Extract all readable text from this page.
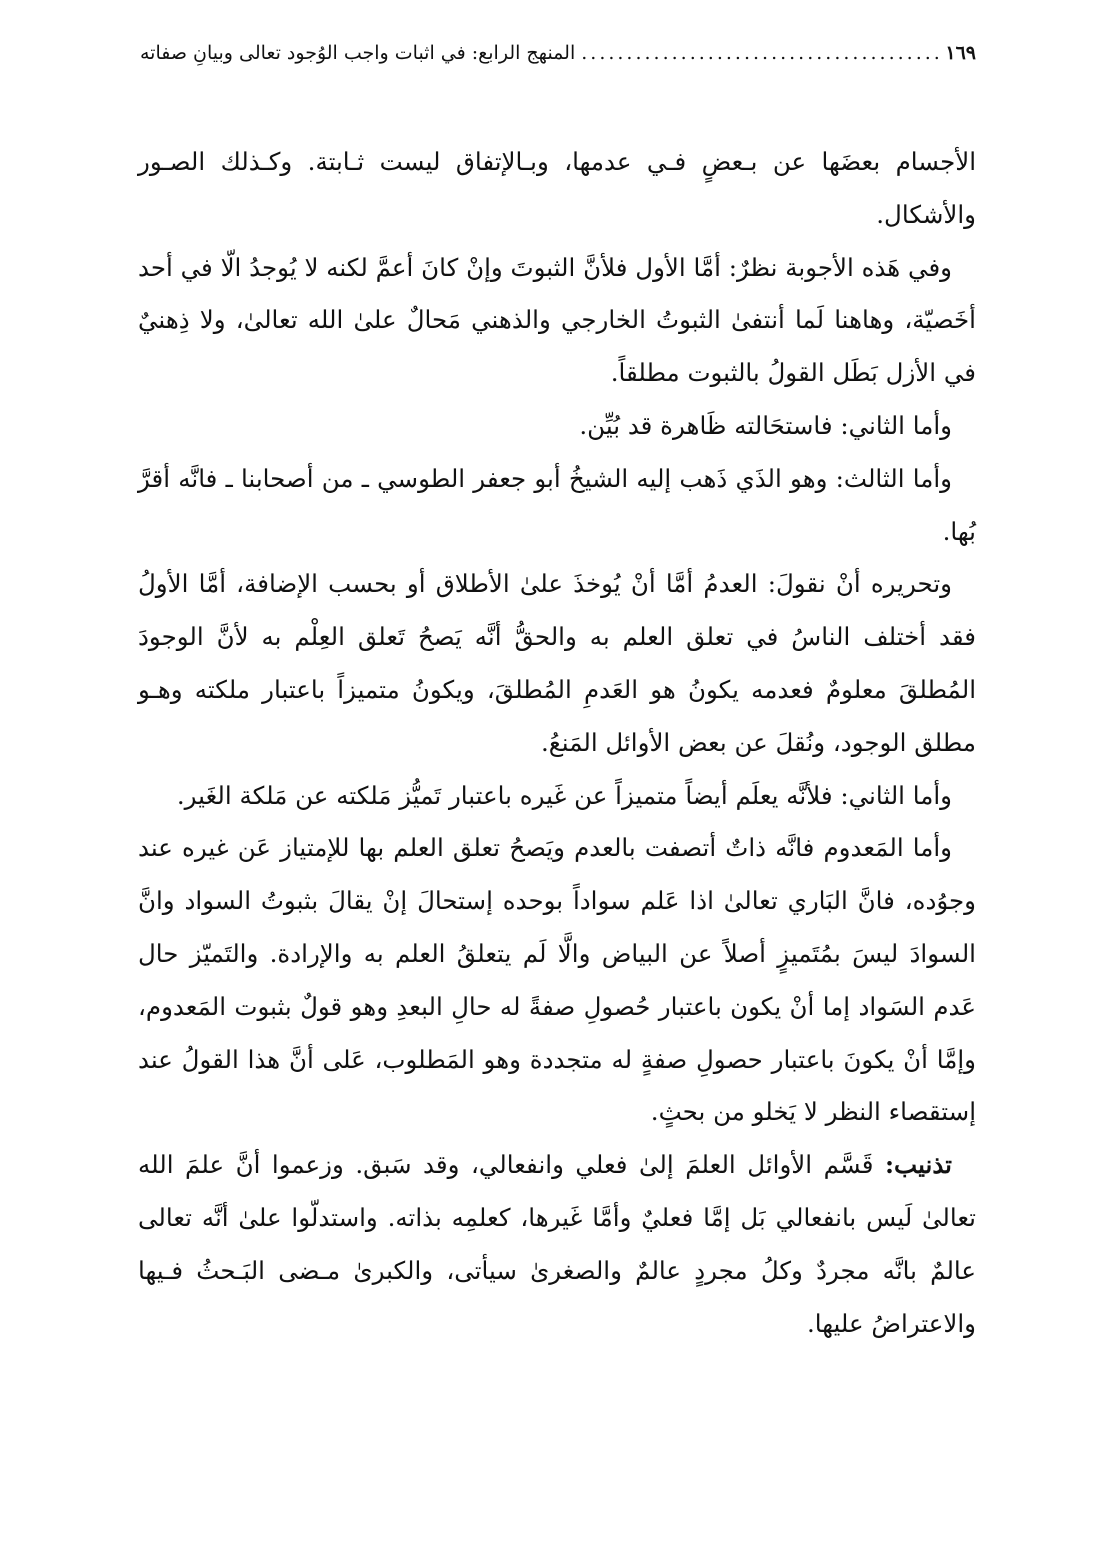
المنهج الرابع: في اثبات واجب الوُجود تعالى وبيانِ صفاته .....	١٦٩

الأجسام بعضَها عن بـعضٍ فـي عدمها، وبـالإتفاق ليست ثـابتة. وكـذلك الصـور والأشكال.

وفي هَذه الأجوبة نظرٌ: أمَّا الأول فلأنَّ الثبوتَ وإنْ كانَ أعمَّ لكنه لا يُوجدُ الّا في أحد أخَصيّة، وهاهنا لَما أنتفىٰ الثبوتُ الخارجي والذهني مَحالٌ علىٰ الله تعالىٰ، ولا ذِهنيٌ في الأزل بَطَل القولُ بالثبوت مطلقاً.

وأما الثاني: فاستحَالته ظَاهرة قد بُيِّن.

وأما الثالث: وهو الذَي ذَهب إليه الشيخُ أبو جعفر الطوسي ـ من أصحابنا ـ فانَّه أقرَّ بُها.

وتحريره أنْ نقولَ: العدمُ أمَّا أنْ يُوخذَ علىٰ الأطلاق أو بحسب الإضافة، أمَّا الأولُ فقد أختلف الناسُ في تعلق العلم به والحقُّ أنَّه يَصحُ تَعلق العِلْم به لأنَّ الوجودَ المُطلقَ معلومٌ فعدمه يكونُ هو العَدمِ المُطلقَ، ويكونُ متميزاً باعتبار ملكته وهـو مطلق الوجود، ونُقلَ عن بعض الأوائل المَنعُ.

وأما الثاني: فلأنَّه يعلَم أيضاً متميزاً عن غَيره باعتبار تَميُّز مَلكته عن مَلكة الغَير.

وأما المَعدوم فانَّه ذاتٌ أتصفت بالعدم ويَصحُ تعلق العلم بها للإمتياز عَن غيره عند وجوُده، فانَّ البَاري تعالىٰ اذا عَلم سواداً بوحده إستحالَ إنْ يقالَ بثبوتُ السواد وانَّ السوادَ ليسَ بمُتَميزٍ أصلاً عن البياض والَّا لَم يتعلقُ العلم به والإرادة. والتَميّز حال عَدم السَواد إما أنْ يكون باعتبار حُصولِ صفةً له حالِ البعدِ وهو قولٌ بثبوت المَعدوم، وإمَّا أنْ يكونَ باعتبار حصولِ صفةٍ له متجددة وهو المَطلوب، عَلى أنَّ هذا القولُ عند إستقصاء النظر لا يَخلو من بحثٍ.

تذنيب: قَسَّم الأوائل العلمَ إلىٰ فعلي وانفعالي، وقد سَبق. وزعموا أنَّ علمَ الله تعالىٰ لَيس بانفعالي بَل إمَّا فعليٌ وأمَّا غَيرها، كعلمِه بذاته. واستدلّوا علىٰ أنَّه تعالى عالمٌ بانَّه مجردٌ وكلُ مجردٍ عالمٌ والصغرىٰ سيأتى، والكبرىٰ مـضى البَـحثُ فـيها والاعتراضُ عليها.
